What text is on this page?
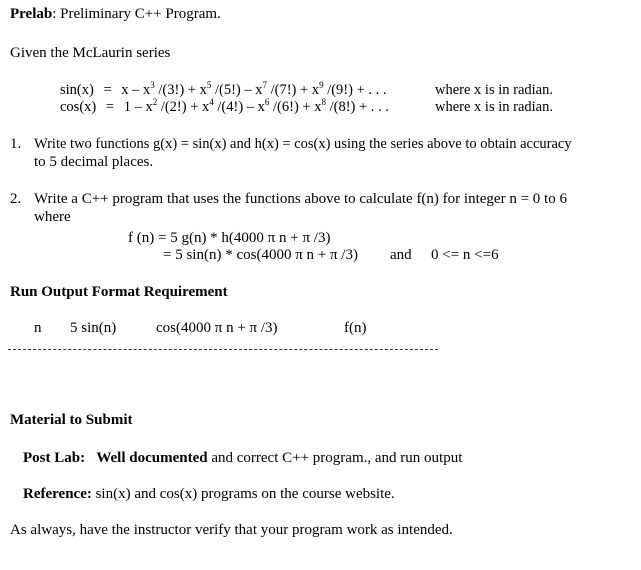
Prelab: Preliminary C++ Program.
Given the McLaurin series
$\sin(x) = x - x^3$ $/(3!) + x^5$ $/(5!) - x^7$ $/(7!) + x^9$ /(9!) + . . .	where x is in radian.
$\cos(x) = 1 - x^2$ $/(2!) + x^4$ $/(4!) - x^6$ $/(6!) + x^8$ /(8!) + . . .	where x is in radian.
1. Write two functions g(x) = sin(x) and h(x) = cos(x) using the series above to obtain accuracy
to 5 decimal places.
2. Write a C++ program that uses the functions above to calculate f(n) for integer n = 0 to 6
where
f (n) = 5 g(n) * h(4000 π n + π /3)
= 5 sin(n) * cos(4000 π n + π /3) and 0 <= n <=6
Run Output Format Requirement
n 5 sin(n)	cos(4000 π n + π /3)	f(n)
Material to Submit
Post Lab: Well documented and correct C++ program., and run output
Reference: sin(x) and cos(x) programs on the course website.
As always, have the instructor verify that your program work as intended.
